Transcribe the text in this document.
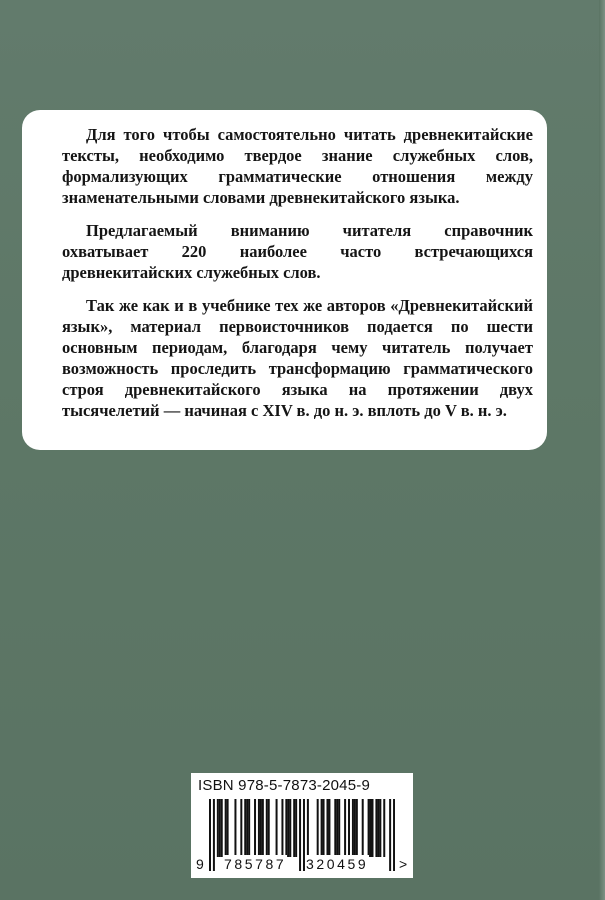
Для того чтобы самостоятельно читать древнекитайские тексты, необходимо твердое знание служебных слов, формализующих грамматические отношения между знаменательными словами древнекитайского языка.

Предлагаемый вниманию читателя справочник охватывает 220 наиболее часто встречающихся древнекитайских служебных слов.

Так же как и в учебнике тех же авторов «Древнекитайский язык», материал первоисточников подается по шести основным периодам, благодаря чему читатель получает возможность проследить трансформацию грамматического строя древнекитайского языка на протяжении двух тысячелетий — начиная с XIV в. до н. э. вплоть до V в. н. э.

ISBN 978-5-7873-2045-9
9 785787 320459 >
